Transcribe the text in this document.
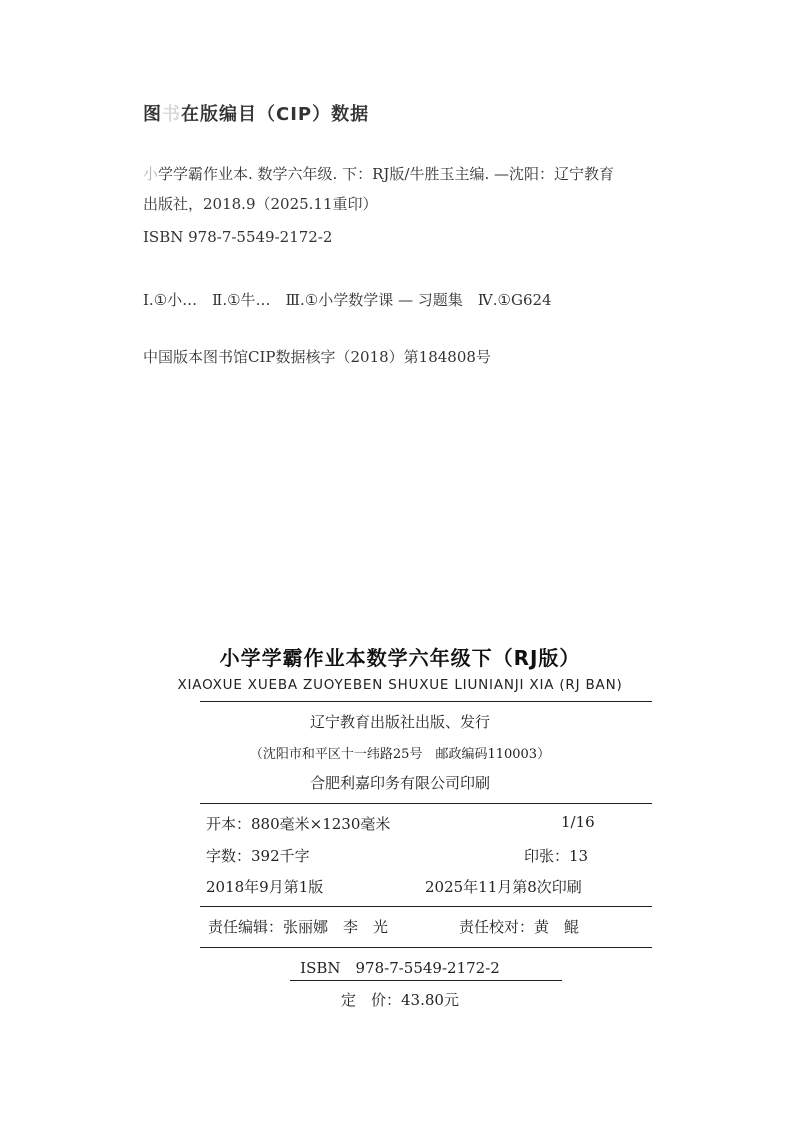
图书在版编目（CIP）数据
小学学霸作业本. 数学六年级. 下：RJ版/牛胜玉主编. —沈阳：辽宁教育
出版社，2018.9（2025.11重印）
ISBN 978-7-5549-2172-2
Ⅰ.①小…　Ⅱ.①牛…　Ⅲ.①小学数学课 — 习题集　Ⅳ.①G624
中国版本图书馆CIP数据核字（2018）第184808号
小学学霸作业本数学六年级下（RJ版）
XIAOXUE XUEBA ZUOYEBEN SHUXUE LIUNIANJI XIA (RJ BAN)
辽宁教育出版社出版、发行
（沈阳市和平区十一纬路25号　邮政编码110003）
合肥利嘉印务有限公司印刷
开本：880毫米×1230毫米	1/16
字数：392千字	印张：13
2018年9月第1版	2025年11月第8次印刷
责任编辑：张丽娜　李　光	责任校对：黄　鲲
ISBN　978-7-5549-2172-2
定　价：43.80元
